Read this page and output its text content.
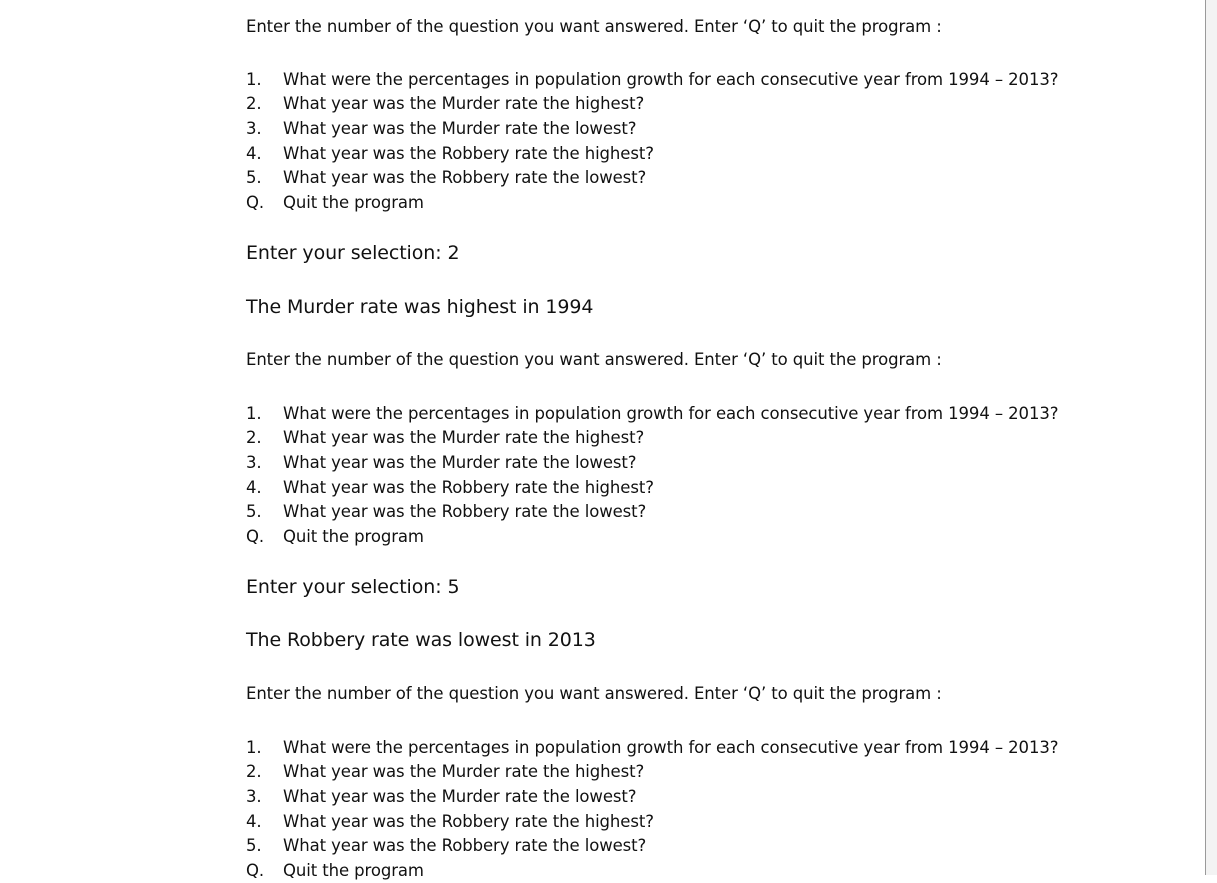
Enter the number of the question you want answered. Enter ‘Q’ to quit the program :
1.	What were the percentages in population growth for each consecutive year from 1994 – 2013?
2.	What year was the Murder rate the highest?
3.	What year was the Murder rate the lowest?
4.	What year was the Robbery rate the highest?
5.	What year was the Robbery rate the lowest?
Q.	Quit the program
Enter your selection: 2
The Murder rate was highest in 1994
Enter the number of the question you want answered. Enter ‘Q’ to quit the program :
1.	What were the percentages in population growth for each consecutive year from 1994 – 2013?
2.	What year was the Murder rate the highest?
3.	What year was the Murder rate the lowest?
4.	What year was the Robbery rate the highest?
5.	What year was the Robbery rate the lowest?
Q.	Quit the program
Enter your selection: 5
The Robbery rate was lowest in 2013
Enter the number of the question you want answered. Enter ‘Q’ to quit the program :
1.	What were the percentages in population growth for each consecutive year from 1994 – 2013?
2.	What year was the Murder rate the highest?
3.	What year was the Murder rate the lowest?
4.	What year was the Robbery rate the highest?
5.	What year was the Robbery rate the lowest?
Q.	Quit the program
